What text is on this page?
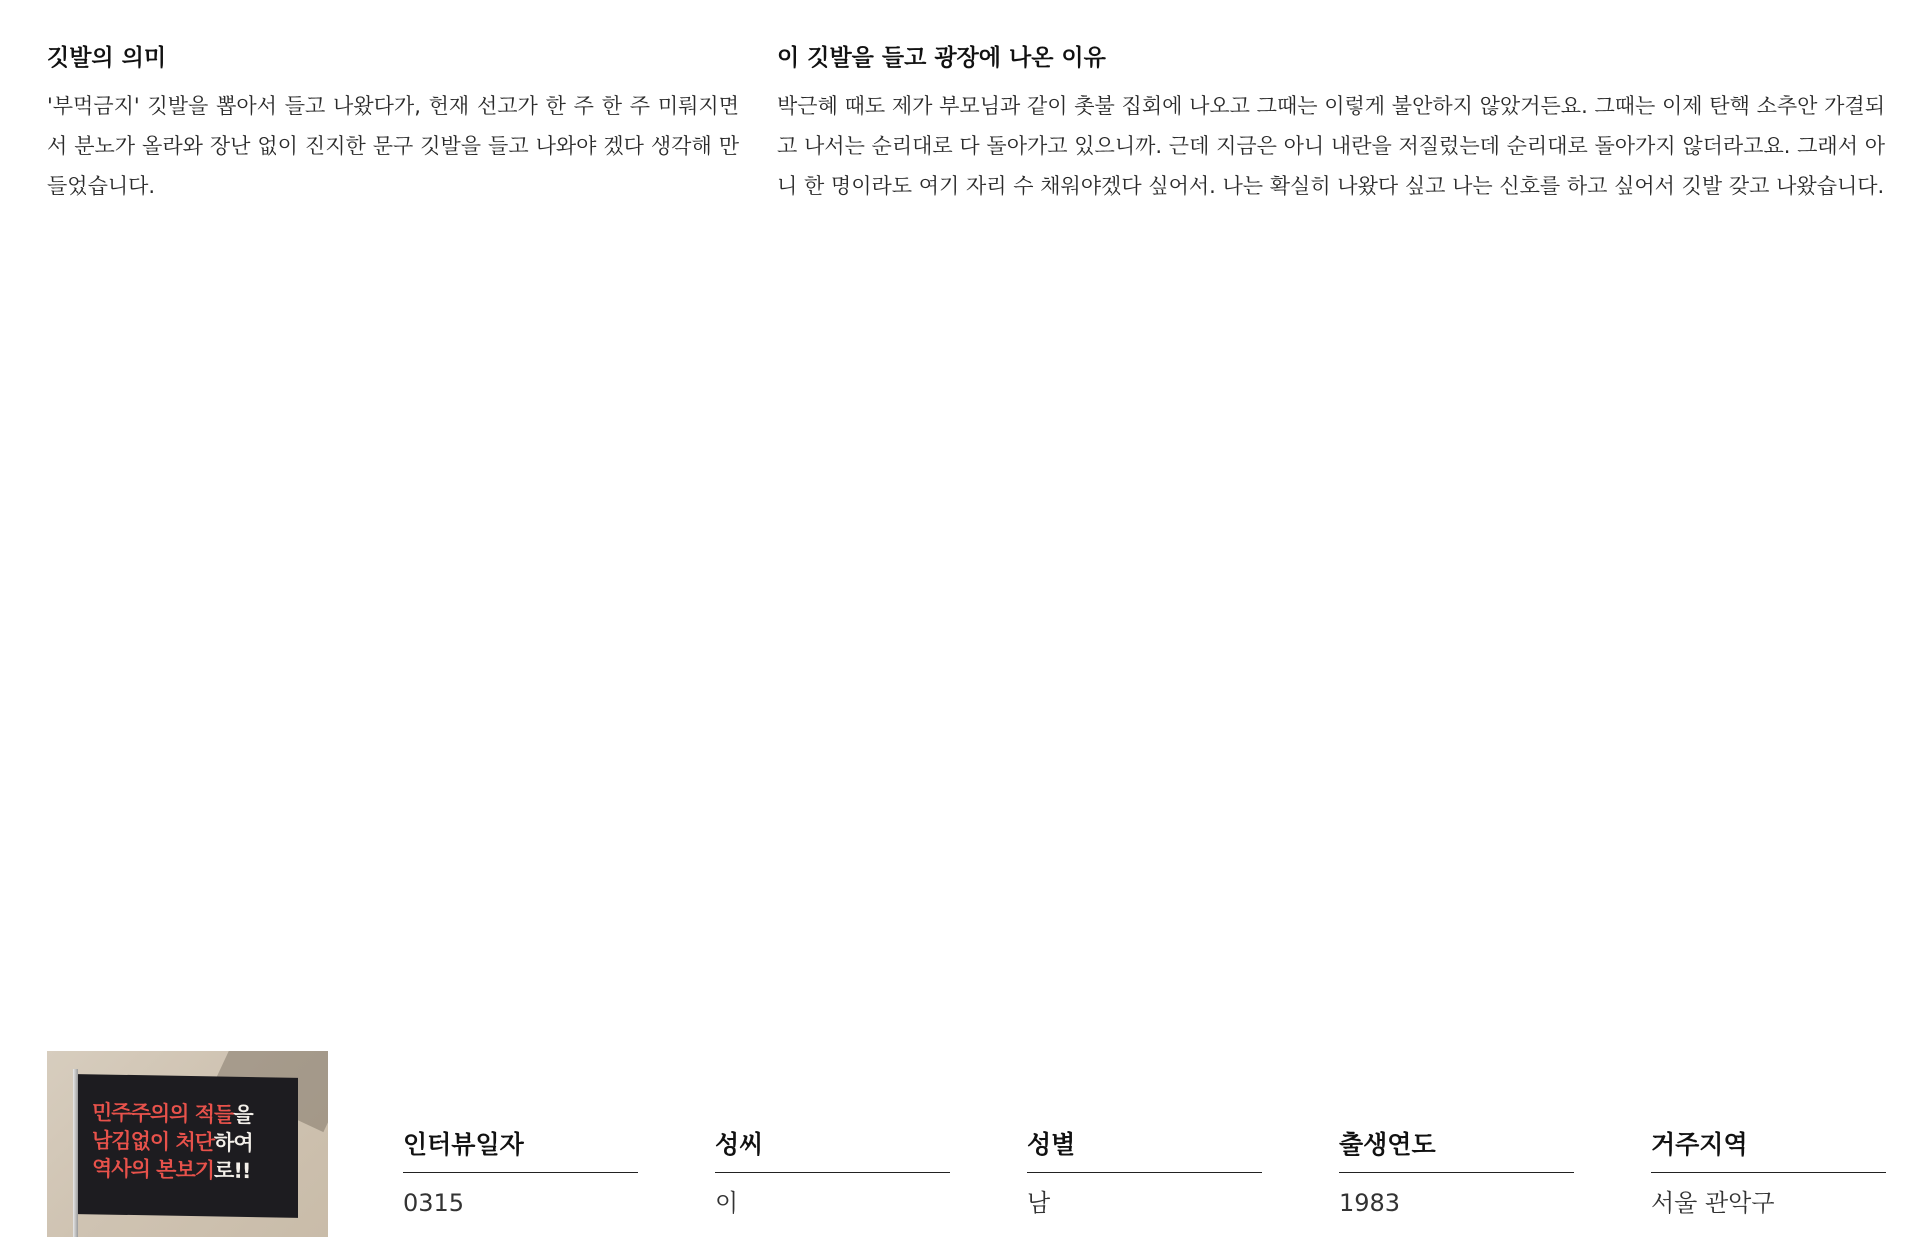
깃발의 의미

'부먹금지' 깃발을 뽑아서 들고 나왔다가, 헌재 선고가 한 주 한 주 미뤄지면서 분노가 올라와 장난 없이 진지한 문구 깃발을 들고 나와야 겠다 생각해 만들었습니다.

이 깃발을 들고 광장에 나온 이유

박근혜 때도 제가 부모님과 같이 촛불 집회에 나오고 그때는 이렇게 불안하지 않았거든요. 그때는 이제 탄핵 소추안 가결되고 나서는 순리대로 다 돌아가고 있으니까. 근데 지금은 아니 내란을 저질렀는데 순리대로 돌아가지 않더라고요. 그래서 아니 한 명이라도 여기 자리 수 채워야겠다 싶어서. 나는 확실히 나왔다 싶고 나는 신호를 하고 싶어서 깃발 갖고 나왔습니다.

민주주의의 적들을
남김없이 처단하여
역사의 본보기로!!
인터뷰일자
0315
성씨
이
성별
남
출생연도
1983
거주지역
서울 관악구
